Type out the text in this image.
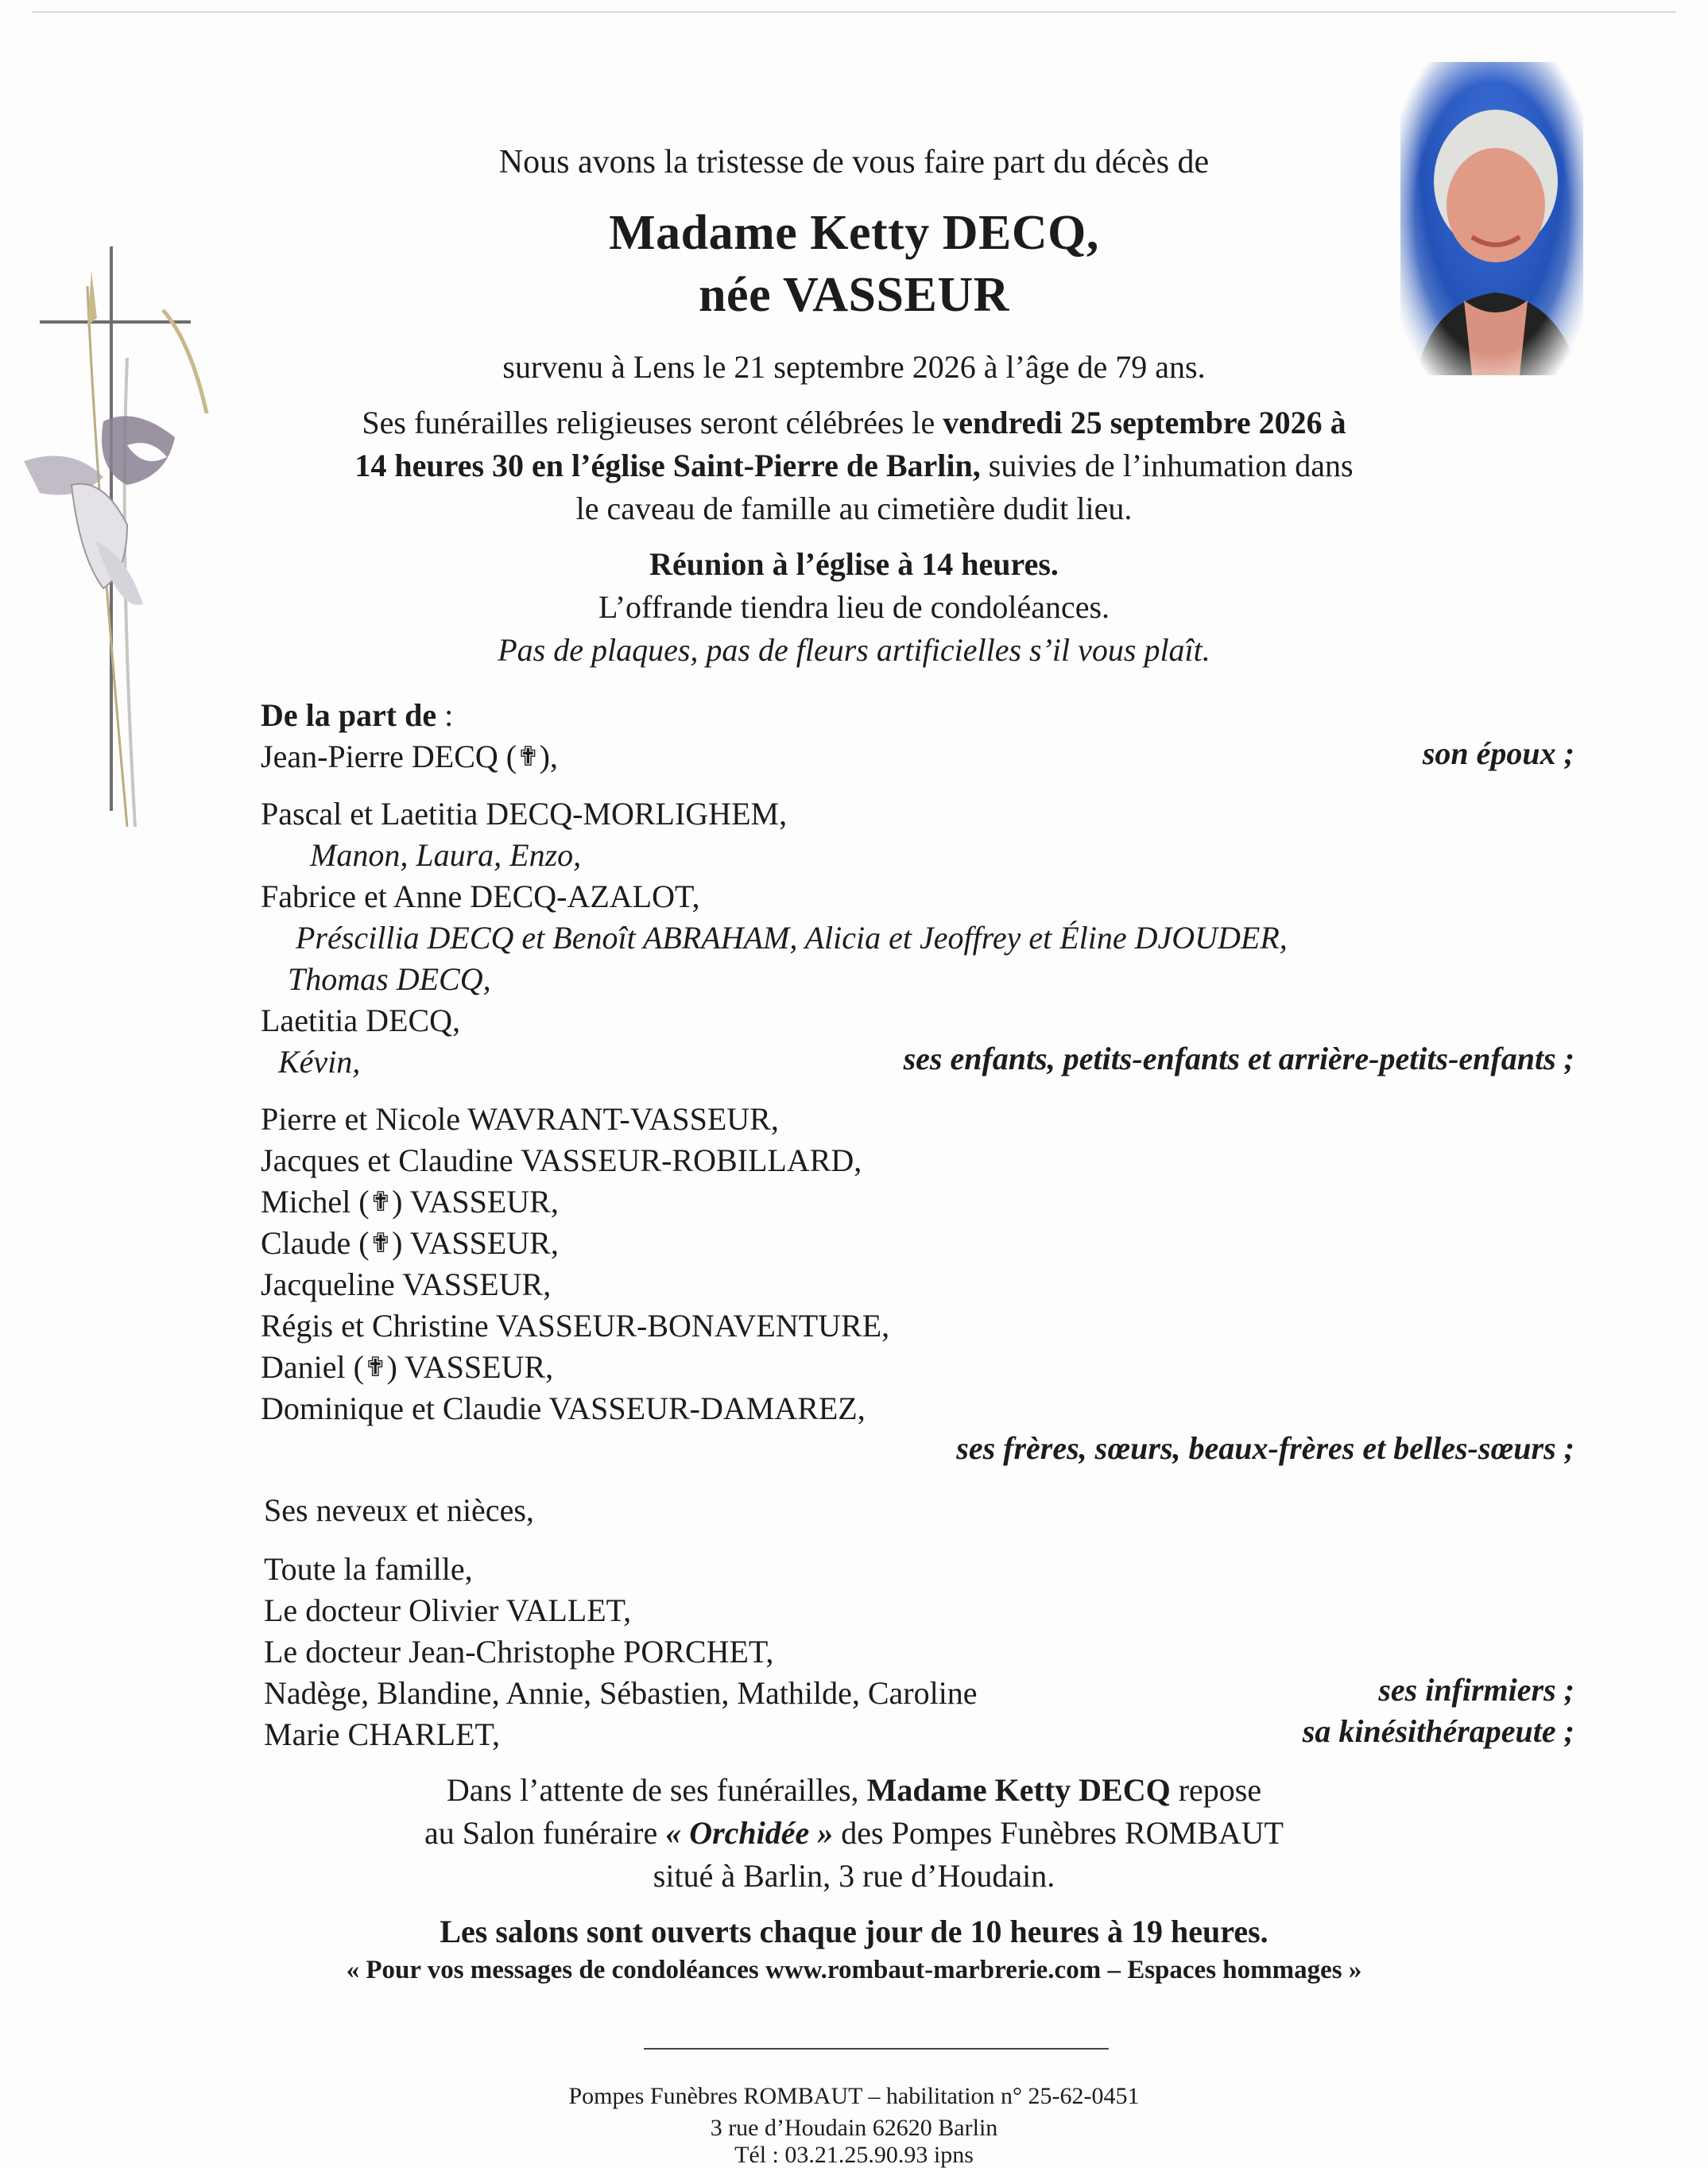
Nous avons la tristesse de vous faire part du décès de
Madame Ketty DECQ,
née VASSEUR
survenu à Lens le 21 septembre 2026 à l’âge de 79 ans.
Ses funérailles religieuses seront célébrées le vendredi 25 septembre 2026 à
14 heures 30 en l’église Saint-Pierre de Barlin, suivies de l’inhumation dans
le caveau de famille au cimetière dudit lieu.
Réunion à l’église à 14 heures.
L’offrande tiendra lieu de condoléances.
Pas de plaques, pas de fleurs artificielles s’il vous plaît.
De la part de :
Jean-Pierre DECQ (✟),	son époux ;
Pascal et Laetitia DECQ-MORLIGHEM,
Manon, Laura, Enzo,
Fabrice et Anne DECQ-AZALOT,
Préscillia DECQ et Benoît ABRAHAM, Alicia et Jeoffrey et Éline DJOUDER,
Thomas DECQ,
Laetitia DECQ,
Kévin,	ses enfants, petits-enfants et arrière-petits-enfants ;
Pierre et Nicole WAVRANT-VASSEUR,
Jacques et Claudine VASSEUR-ROBILLARD,
Michel (✟) VASSEUR,
Claude (✟) VASSEUR,
Jacqueline VASSEUR,
Régis et Christine VASSEUR-BONAVENTURE,
Daniel (✟) VASSEUR,
Dominique et Claudie VASSEUR-DAMAREZ,
ses frères, sœurs, beaux-frères et belles-sœurs ;
Ses neveux et nièces,
Toute la famille,
Le docteur Olivier VALLET,
Le docteur Jean-Christophe PORCHET,
Nadège, Blandine, Annie, Sébastien, Mathilde, Caroline	ses infirmiers ;
Marie CHARLET,	sa kinésithérapeute ;
Dans l’attente de ses funérailles, Madame Ketty DECQ repose
au Salon funéraire « Orchidée » des Pompes Funèbres ROMBAUT
situé à Barlin, 3 rue d’Houdain.
Les salons sont ouverts chaque jour de 10 heures à 19 heures.
« Pour vos messages de condoléances www.rombaut-marbrerie.com – Espaces hommages »
Pompes Funèbres ROMBAUT – habilitation n° 25-62-0451
3 rue d’Houdain 62620 Barlin
Tél : 03.21.25.90.93 ipns
